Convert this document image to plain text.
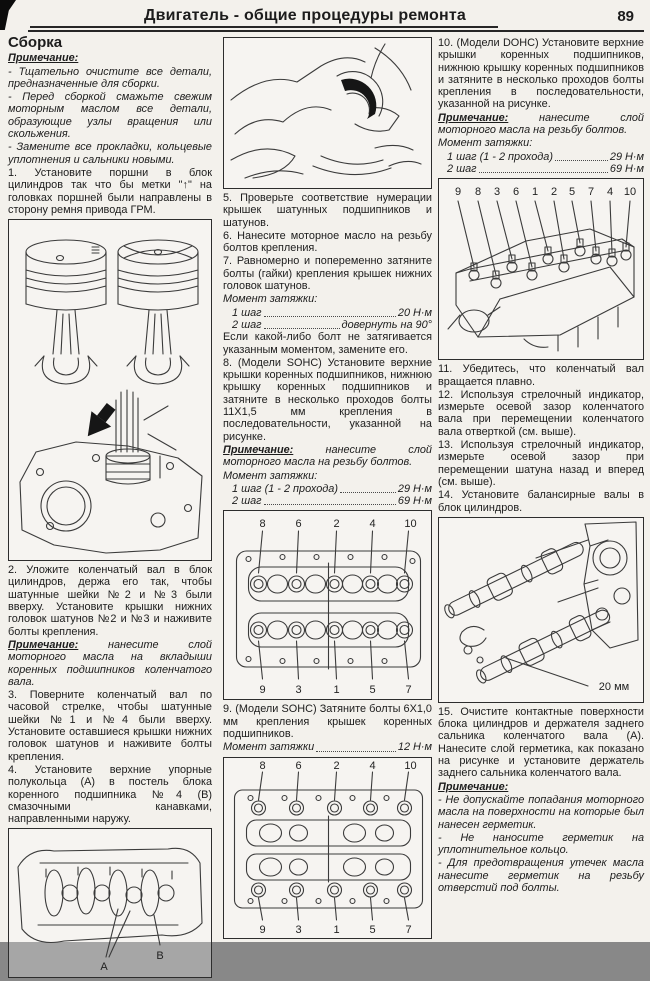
Двигатель - общие процедуры ремонта	89
Сборка

Примечание:

- Тщательно очистите все детали, предназначенные для сборки.

- Перед сборкой смажьте свежим моторным маслом все детали, образующие узлы вращения или скольжения.

- Замените все прокладки, кольцевые уплотнения и сальники новыми.

1. Установите поршни в блок цилиндров так что бы метки "↑" на головках поршней были направлены в сторону ремня привода ГРМ.

2. Уложите коленчатый вал в блок цилиндров, держа его так, чтобы шатунные шейки №2 и №3 были вверху. Установите крышки нижних головок шатунов №2 и №3 и наживите болты крепления.

Примечание:	нанесите слой моторного масла на вкладыши коренных подшипников коленчатого вала.

3. Поверните коленчатый вал по часовой стрелке, чтобы шатунные шейки №1 и №4 были вверху. Установите оставшиеся крышки нижних головок шатунов и наживите болты крепления.

4. Установите верхние упорные полукольца (А) в постель блока коренного подшипника №4 (В) смазочными канавками, направленными наружу.

A
B

5. Проверьте соответствие нумерации крышек шатунных подшипников и шатунов.

6. Нанесите моторное масло на резьбу болтов крепления.

7. Равномерно и попеременно затяните болты (гайки) крепления крышек нижних головок шатунов.

Момент затяжки:

1 шаг	20 Н·м
2 шаг	довернуть на 90°

Если какой-либо болт не затягивается указанным моментом, замените его.

8. (Модели SOHC) Установите верхние крышки коренных подшипников, нижнюю крышку коренных подшипников и затяните в несколько проходов болты 11Х1,5 мм крепления в последовательности, указанной на рисунке.

Примечание:	нанесите слой моторного масла на резьбу болтов.

Момент затяжки:

1 шаг (1 - 2 прохода)	29 Н·м
2 шаг	69 Н·м
8	6	2	4	10
9	3	1	5	7

9. (Модели SOHC) Затяните болты 6Х1,0 мм крепления крышек коренных подшипников.

Момент затяжки	12 Н·м
8	6	2	4	10
9	3	1	5	7

10. (Модели DOHC) Установите верхние крышки коренных подшипников, нижнюю крышку коренных подшипников и затяните в несколько проходов болты крепления в последовательности, указанной на рисунке.

Примечание:	нанесите слой моторного масла на резьбу болтов.

Момент затяжки:

1 шаг (1 - 2 прохода)	29 Н·м
2 шаг	69 Н·м
9 8 3 6 1 2 5 7 4 10

11. Убедитесь, что коленчатый вал вращается плавно.

12. Используя стрелочный индикатор, измерьте осевой зазор коленчатого вала при перемещении коленчатого вала отверткой (см. выше).

13. Используя стрелочный индикатор, измерьте осевой зазор при перемещении шатуна назад и вперед (см. выше).

14. Установите балансирные валы в блок цилиндров.

20 мм

15. Очистите контактные поверхности блока цилиндров и держателя заднего сальника коленчатого вала (А). Нанесите слой герметика, как показано на рисунке и установите держатель заднего сальника коленчатого вала.

Примечание:

- Не допускайте попадания моторного масла на поверхности на которые был нанесен герметик.

- Не наносите герметик на уплотнительное кольцо.

- Для предотвращения утечек масла нанесите герметик на резьбу отверстий под болты.
